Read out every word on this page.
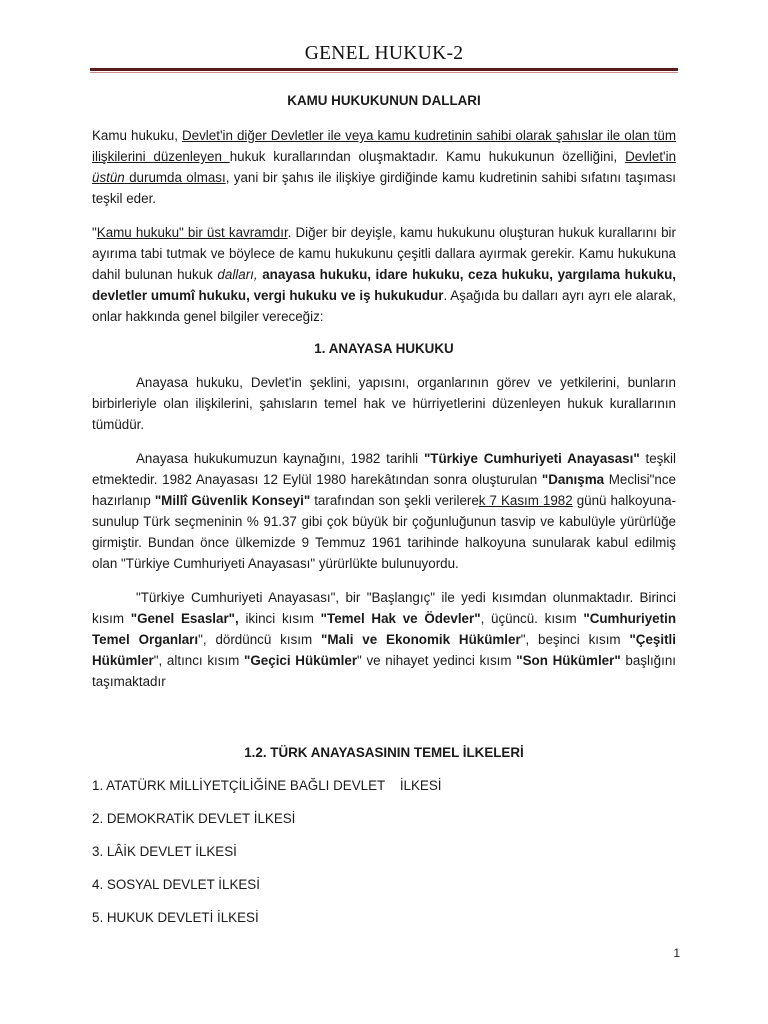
GENEL HUKUK-2

KAMU HUKUKUNUN DALLARI

Kamu hukuku, Devlet'in diğer Devletler ile veya kamu kudretinin sahibi olarak şahıslar ile olan tüm ilişkilerini düzenleyen hukuk kurallarından oluşmaktadır. Kamu hukukunun özelliğini, Devlet'in üstün durumda olması, yani bir şahıs ile ilişkiye girdiğinde kamu kudretinin sahibi sıfatını taşıması teşkil eder.

"Kamu hukuku" bir üst kavramdır. Diğer bir deyişle, kamu hukukunu oluşturan hukuk kurallarını bir ayırıma tabi tutmak ve böylece de kamu hukukunu çeşitli dallara ayırmak gerekir. Kamu hukukuna dahil bulunan hukuk dalları, anayasa hukuku, idare hukuku, ceza hukuku, yargılama hukuku, devletler umumî hukuku, vergi hukuku ve iş hukukudur. Aşağıda bu dalları ayrı ayrı ele alarak, onlar hakkında genel bilgiler vereceğiz:

1. ANAYASA HUKUKU

Anayasa hukuku, Devlet'in şeklini, yapısını, organlarının görev ve yetkilerini, bunların birbirleriyle olan ilişkilerini, şahısların temel hak ve hürriyetlerini düzenleyen hukuk kurallarının tümüdür.

Anayasa hukukumuzun kaynağını, 1982 tarihli "Türkiye Cumhuriyeti Anayasası" teşkil etmektedir. 1982 Anayasası 12 Eylül 1980 harekâtından sonra oluşturulan "Danışma Meclisi"nce hazırlanıp "Millî Güvenlik Konseyi" tarafından son şekli verilerek 7 Kasım 1982 günü halkoyuna-sunulup Türk seçmeninin % 91.37 gibi çok büyük bir çoğunluğunun tasvip ve kabulüyle yürürlüğe girmiştir. Bundan önce ülkemizde 9 Temmuz 1961 tarihinde halkoyuna sunularak kabul edilmiş olan "Türkiye Cumhuriyeti Anayasası" yürürlükte bulunuyordu.

"Türkiye Cumhuriyeti Anayasası", bir "Başlangıç" ile yedi kısımdan olunmaktadır. Birinci kısım "Genel Esaslar", ikinci kısım "Temel Hak ve Ödevler", üçüncü. kısım "Cumhuriyetin Temel Organları", dördüncü kısım "Mali ve Ekonomik Hükümler", beşinci kısım "Çeşitli Hükümler", altıncı kısım "Geçici Hükümler" ve nihayet yedinci kısım "Son Hükümler" başlığını taşımaktadır

1.2. TÜRK ANAYASASININ TEMEL İLKELERİ

1. ATATÜRK MİLLİYETÇİLİĞİNE BAĞLI DEVLET    İLKESİ
2. DEMOKRATİK DEVLET İLKESİ
3. LÂİK DEVLET İLKESİ
4. SOSYAL DEVLET İLKESİ
5. HUKUK DEVLETİ İLKESİ
1
